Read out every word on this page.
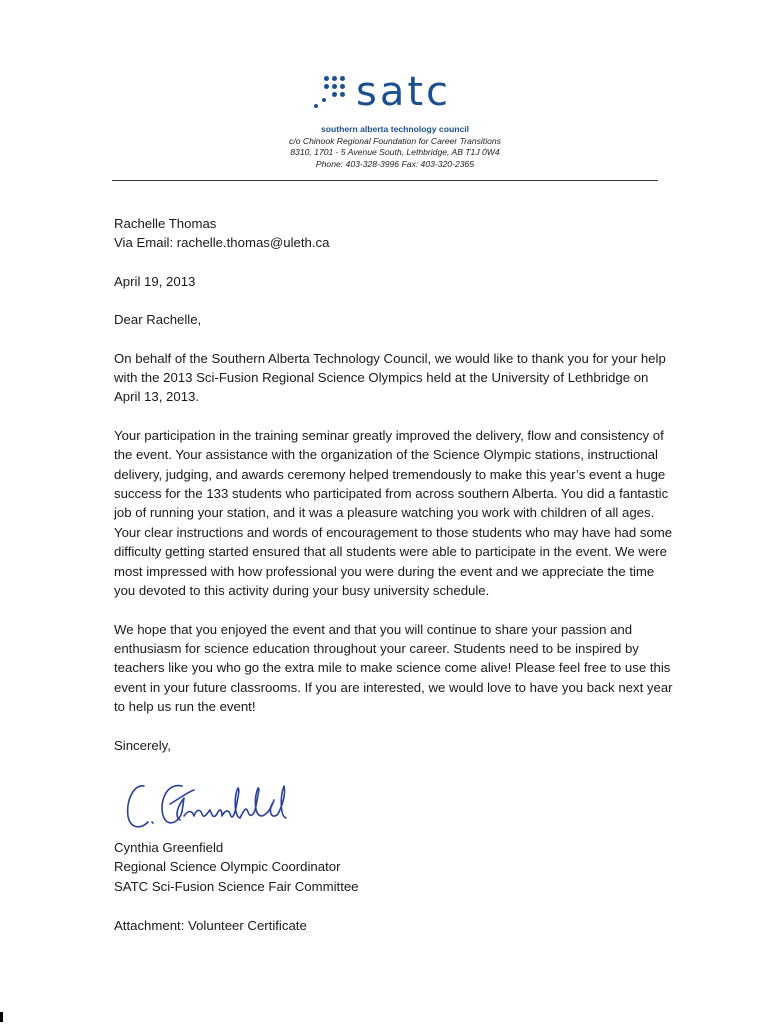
satc
southern alberta technology council
c/o Chinook Regional Foundation for Career Transitions
8310, 1701 - 5 Avenue South, Lethbridge, AB T1J 0W4
Phone: 403-328-3996 Fax: 403-320-2365

Rachelle Thomas

Via Email: rachelle.thomas@uleth.ca

April 19, 2013

Dear Rachelle,

On behalf of the Southern Alberta Technology Council, we would like to thank you for your help with the 2013 Sci-Fusion Regional Science Olympics held at the University of Lethbridge on April 13, 2013.

Your participation in the training seminar greatly improved the delivery, flow and consistency of the event. Your assistance with the organization of the Science Olympic stations, instructional delivery, judging, and awards ceremony helped tremendously to make this year’s event a huge success for the 133 students who participated from across southern Alberta. You did a fantastic job of running your station, and it was a pleasure watching you work with children of all ages. Your clear instructions and words of encouragement to those students who may have had some difficulty getting started ensured that all students were able to participate in the event. We were most impressed with how professional you were during the event and we appreciate the time you devoted to this activity during your busy university schedule.

We hope that you enjoyed the event and that you will continue to share your passion and enthusiasm for science education throughout your career. Students need to be inspired by teachers like you who go the extra mile to make science come alive! Please feel free to use this event in your future classrooms. If you are interested, we would love to have you back next year to help us run the event!

Sincerely,

Cynthia Greenfield

Regional Science Olympic Coordinator

SATC Sci-Fusion Science Fair Committee

Attachment: Volunteer Certificate
